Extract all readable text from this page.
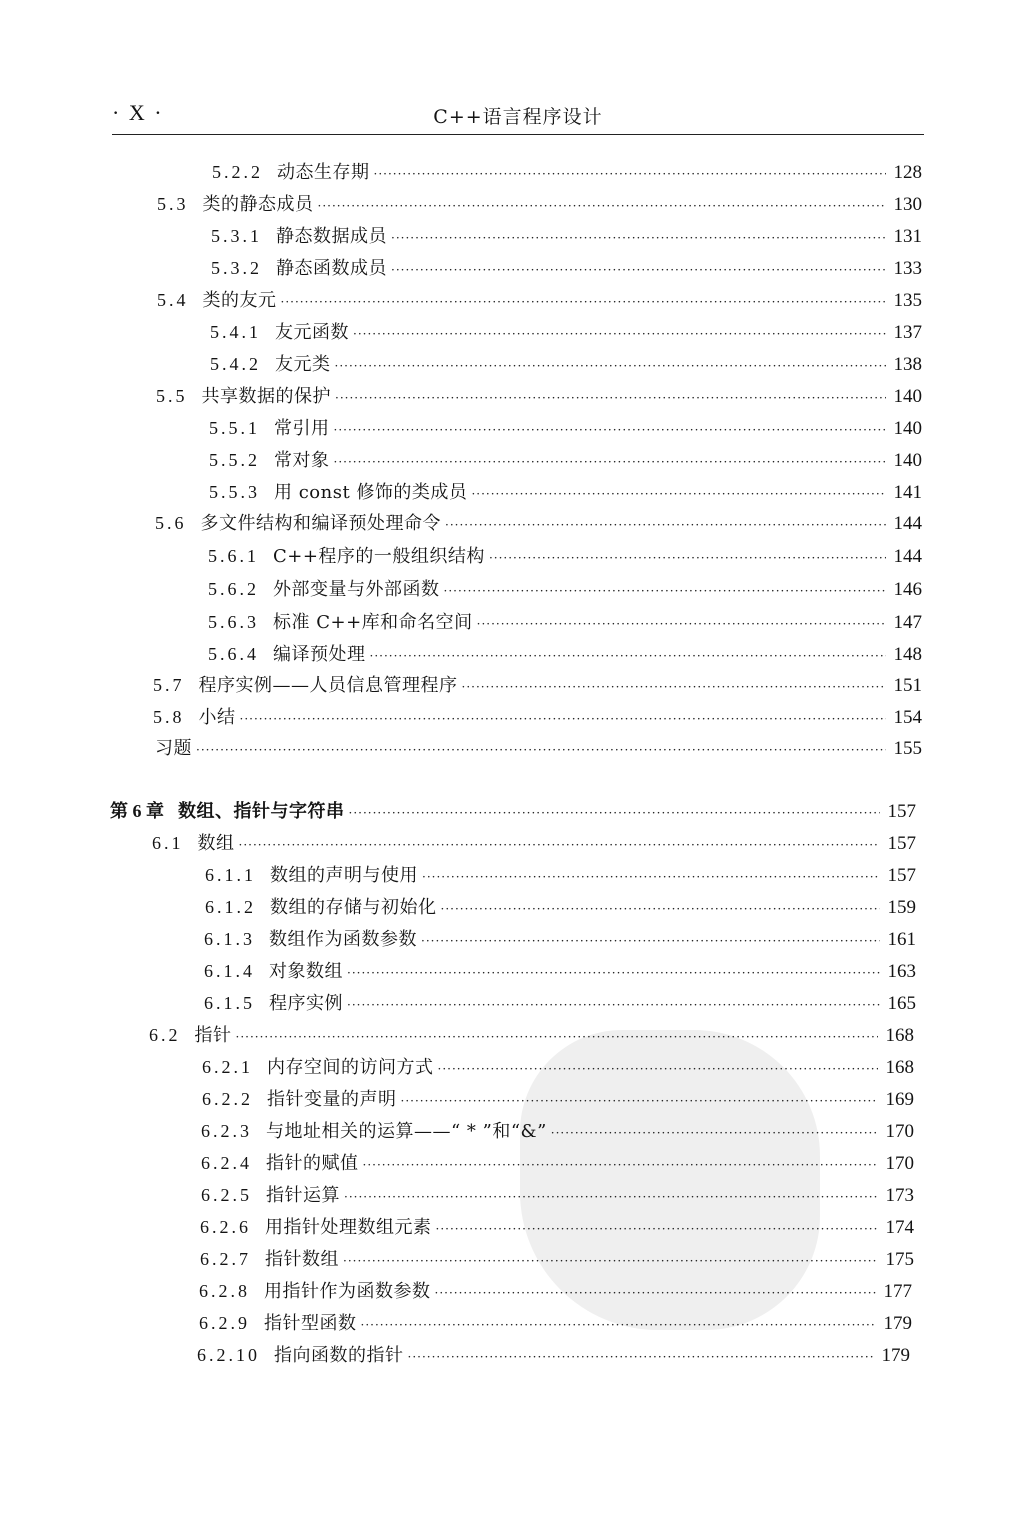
· X ·	C++语言程序设计
5.2.2 动态生存期 ·····	128
5.3 类的静态成员 ·····	130
5.3.1 静态数据成员 ·····	131
5.3.2 静态函数成员 ·····	133
5.4 类的友元 ·····	135
5.4.1 友元函数 ·····	137
5.4.2 友元类 ·····	138
5.5 共享数据的保护 ·····	140
5.5.1 常引用 ·····	140
5.5.2 常对象 ·····	140
5.5.3 用 const 修饰的类成员 ·····	141
5.6 多文件结构和编译预处理命令 ·····	144
5.6.1 C++程序的一般组织结构 ·····	144
5.6.2 外部变量与外部函数 ·····	146
5.6.3 标准 C++库和命名空间 ·····	147
5.6.4 编译预处理 ·····	148
5.7 程序实例——人员信息管理程序 ·····	151
5.8 小结 ·····	154
习题 ·····	155
第 6 章 数组、指针与字符串 ·····	157
6.1 数组 ·····	157
6.1.1 数组的声明与使用 ·····	157
6.1.2 数组的存储与初始化 ·····	159
6.1.3 数组作为函数参数 ·····	161
6.1.4 对象数组 ·····	163
6.1.5 程序实例 ·····	165
6.2 指针 ·····	168
6.2.1 内存空间的访问方式 ·····	168
6.2.2 指针变量的声明 ·····	169
6.2.3 与地址相关的运算——“ * ”和“&” ·····	170
6.2.4 指针的赋值 ·····	170
6.2.5 指针运算 ·····	173
6.2.6 用指针处理数组元素 ·····	174
6.2.7 指针数组 ·····	175
6.2.8 用指针作为函数参数 ·····	177
6.2.9 指针型函数 ·····	179
6.2.10 指向函数的指针 ·····	179
